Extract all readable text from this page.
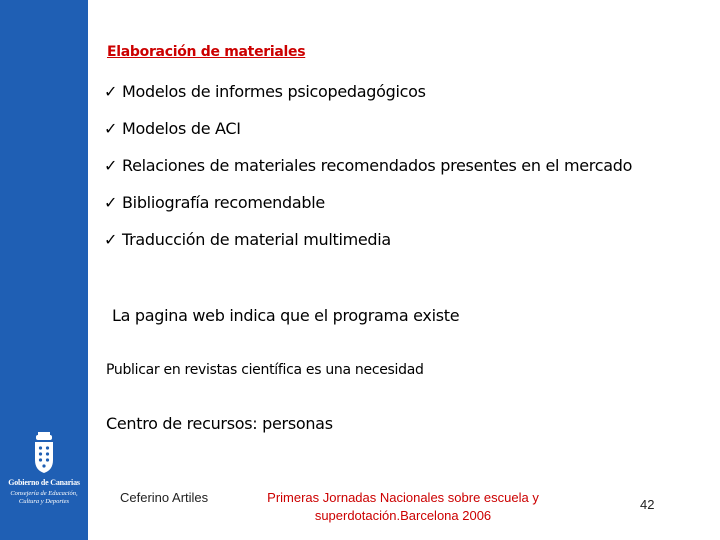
Gobierno de Canarias
Consejería de Educación,
Cultura y Deportes
Elaboración de materiales
✓ Modelos de informes psicopedagógicos
✓ Modelos de ACI
✓ Relaciones de materiales recomendados presentes en el mercado
✓ Bibliografía recomendable
✓ Traducción de material multimedia
La pagina web indica que el programa existe
Publicar en revistas científica es una necesidad
Centro de recursos: personas
Ceferino Artiles	Primeras Jornadas Nacionales sobre escuela y
superdotación.Barcelona 2006
42
